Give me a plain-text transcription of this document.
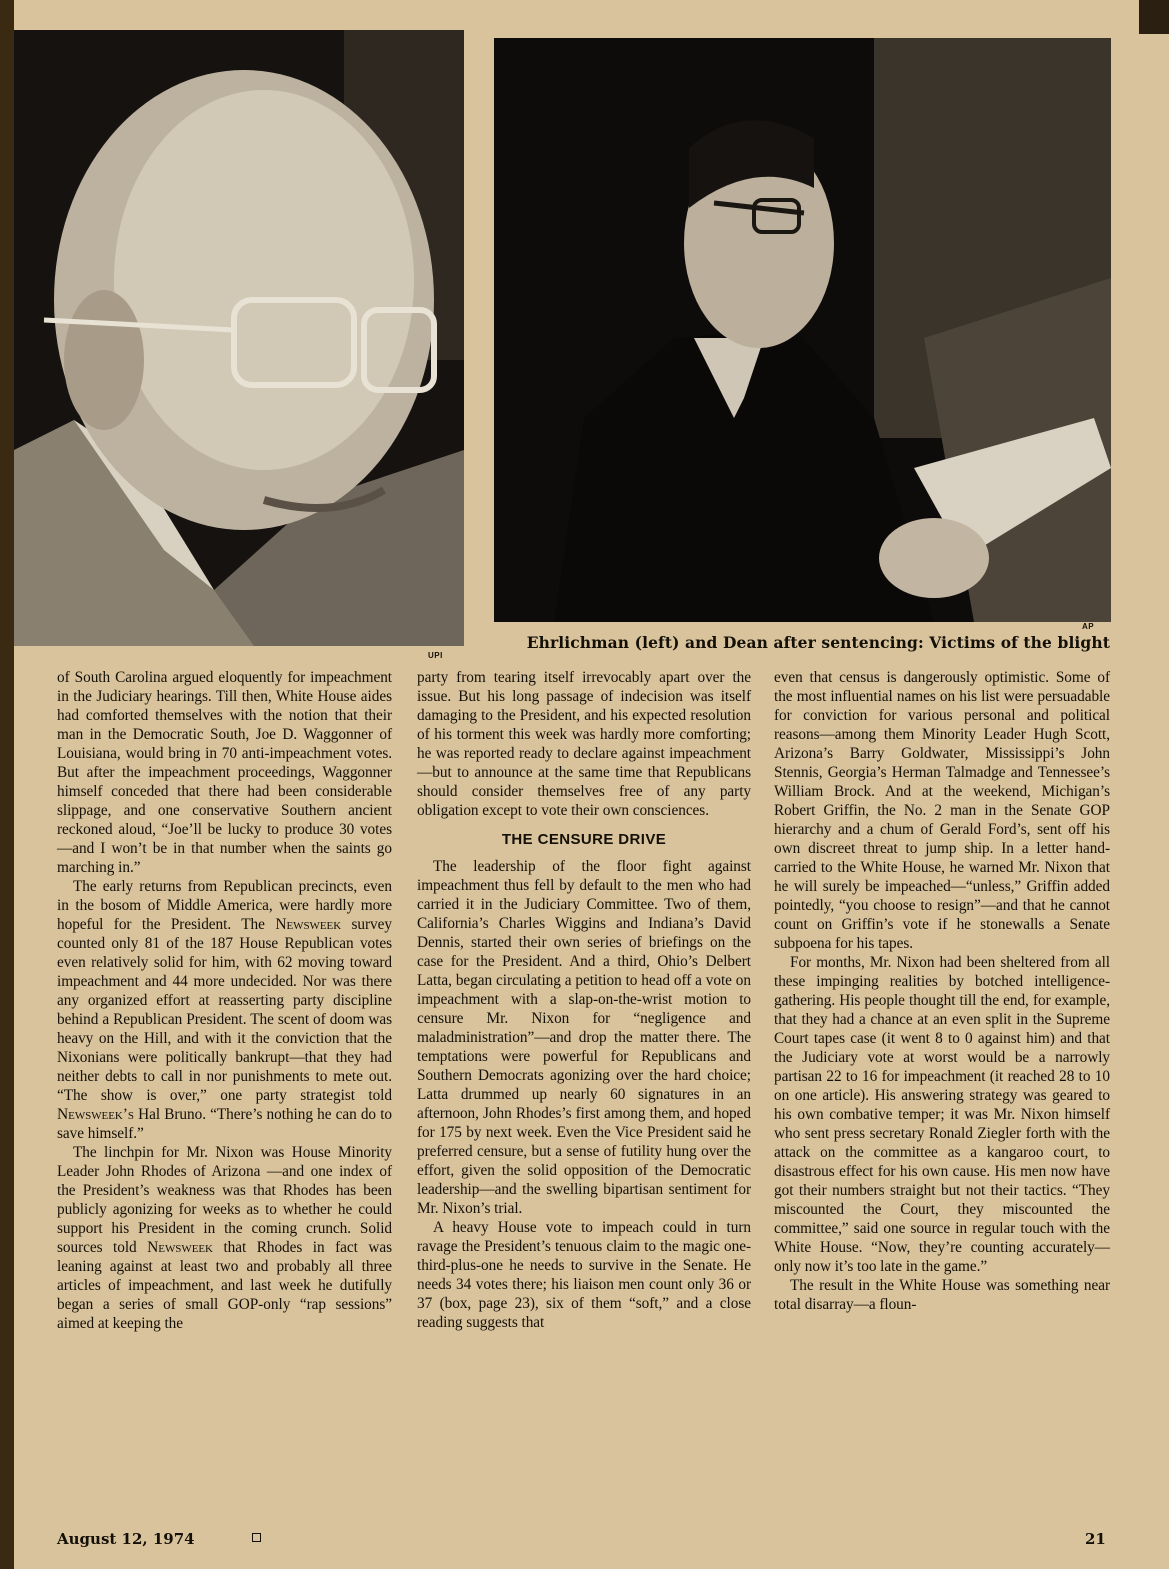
UPI
AP
Ehrlichman (left) and Dean after sentencing: Victims of the blight

of South Carolina argued eloquently for impeachment in the Judiciary hearings. Till then, White House aides had comforted themselves with the notion that their man in the Democratic South, Joe D. Waggonner of Louisiana, would bring in 70 anti-impeachment votes. But after the impeachment proceedings, Waggonner himself conceded that there had been considerable slippage, and one conservative Southern ancient reckoned aloud, “Joe’ll be lucky to produce 30 votes—and I won’t be in that number when the saints go marching in.”

The early returns from Republican precincts, even in the bosom of Middle America, were hardly more hopeful for the President. The Newsweek survey counted only 81 of the 187 House Republican votes even relatively solid for him, with 62 moving toward impeachment and 44 more undecided. Nor was there any organized effort at reasserting party discipline behind a Republican President. The scent of doom was heavy on the Hill, and with it the conviction that the Nixonians were politically bankrupt—that they had neither debts to call in nor punishments to mete out. “The show is over,” one party strategist told Newsweek’s Hal Bruno. “There’s nothing he can do to save himself.”

The linchpin for Mr. Nixon was House Minority Leader John Rhodes of Arizona —and one index of the President’s weakness was that Rhodes has been publicly agonizing for weeks as to whether he could support his President in the coming crunch. Solid sources told Newsweek that Rhodes in fact was leaning against at least two and probably all three articles of impeachment, and last week he dutifully began a series of small GOP-only “rap sessions” aimed at keeping the

party from tearing itself irrevocably apart over the issue. But his long passage of indecision was itself damaging to the President, and his expected resolution of his torment this week was hardly more comforting; he was reported ready to declare against impeachment—but to announce at the same time that Republicans should consider themselves free of any party obligation except to vote their own consciences.

THE CENSURE DRIVE

The leadership of the floor fight against impeachment thus fell by default to the men who had carried it in the Judiciary Committee. Two of them, California’s Charles Wiggins and Indiana’s David Dennis, started their own series of briefings on the case for the President. And a third, Ohio’s Delbert Latta, began circulating a petition to head off a vote on impeachment with a slap-on-the-wrist motion to censure Mr. Nixon for “negligence and maladministration”—and drop the matter there. The temptations were powerful for Republicans and Southern Democrats agonizing over the hard choice; Latta drummed up nearly 60 signatures in an afternoon, John Rhodes’s first among them, and hoped for 175 by next week. Even the Vice President said he preferred censure, but a sense of futility hung over the effort, given the solid opposition of the Democratic leadership—and the swelling bipartisan sentiment for Mr. Nixon’s trial.

A heavy House vote to impeach could in turn ravage the President’s tenuous claim to the magic one-third-plus-one he needs to survive in the Senate. He needs 34 votes there; his liaison men count only 36 or 37 (box, page 23), six of them “soft,” and a close reading suggests that

even that census is dangerously optimistic. Some of the most influential names on his list were persuadable for conviction for various personal and political reasons—among them Minority Leader Hugh Scott, Arizona’s Barry Goldwater, Mississippi’s John Stennis, Georgia’s Herman Talmadge and Tennessee’s William Brock. And at the weekend, Michigan’s Robert Griffin, the No. 2 man in the Senate GOP hierarchy and a chum of Gerald Ford’s, sent off his own discreet threat to jump ship. In a letter hand-carried to the White House, he warned Mr. Nixon that he will surely be impeached—“unless,” Griffin added pointedly, “you choose to resign”—and that he cannot count on Griffin’s vote if he stonewalls a Senate subpoena for his tapes.

For months, Mr. Nixon had been sheltered from all these impinging realities by botched intelligence-gathering. His people thought till the end, for example, that they had a chance at an even split in the Supreme Court tapes case (it went 8 to 0 against him) and that the Judiciary vote at worst would be a narrowly partisan 22 to 16 for impeachment (it reached 28 to 10 on one article). His answering strategy was geared to his own combative temper; it was Mr. Nixon himself who sent press secretary Ronald Ziegler forth with the attack on the committee as a kangaroo court, to disastrous effect for his own cause. His men now have got their numbers straight but not their tactics. “They miscounted the Court, they miscounted the committee,” said one source in regular touch with the White House. “Now, they’re counting accurately—only now it’s too late in the game.”

The result in the White House was something near total disarray—a floun-

August 12, 1974	21
